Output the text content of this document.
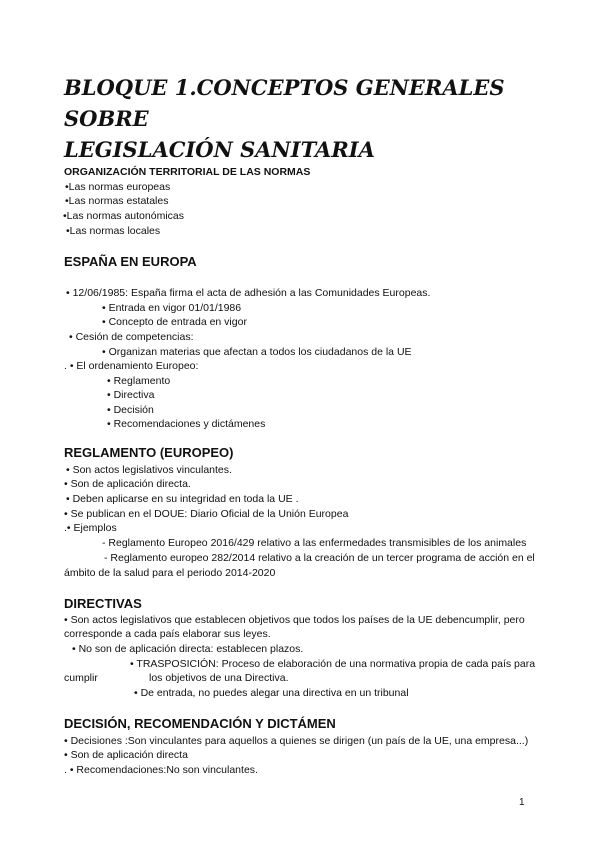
BLOQUE 1.CONCEPTOS GENERALES SOBRE
LEGISLACIÓN SANITARIA

ORGANIZACIÓN TERRITORIAL DE LAS NORMAS

•Las normas europeas

•Las normas estatales

•Las normas autonómicas

•Las normas locales

ESPAÑA EN EUROPA

• 12/06/1985: España firma el acta de adhesión a las Comunidades Europeas.

• Entrada en vigor 01/01/1986

• Concepto de entrada en vigor

• Cesión de competencias:

• Organizan materias que afectan a todos los ciudadanos de la UE

. • El ordenamiento Europeo:

• Reglamento

• Directiva

• Decisión

• Recomendaciones y dictámenes

REGLAMENTO (EUROPEO)

• Son actos legislativos vinculantes.

• Son de aplicación directa.

• Deben aplicarse en su integridad en toda la UE .

• Se publican en el DOUE: Diario Oficial de la Unión Europea

.• Ejemplos

- Reglamento Europeo 2016/429 relativo a las enfermedades transmisibles de los animales

- Reglamento europeo 282/2014 relativo a la creación de un tercer programa de acción en el

ámbito de la salud para el periodo 2014-2020

DIRECTIVAS

• Son actos legislativos que establecen objetivos que todos los países de la UE debencumplir, pero

corresponde a cada país elaborar sus leyes.

• No son de aplicación directa: establecen plazos.

• TRASPOSICIÓN: Proceso de elaboración de una normativa propia de cada país para

cumplir	los objetivos de una Directiva.

• De entrada, no puedes alegar una directiva en un tribunal

DECISIÓN, RECOMENDACIÓN Y DICTÁMEN

• Decisiones :Son vinculantes para aquellos a quienes se dirigen (un país de la UE, una empresa...)

• Son de aplicación directa

. • Recomendaciones:No son vinculantes.

1
